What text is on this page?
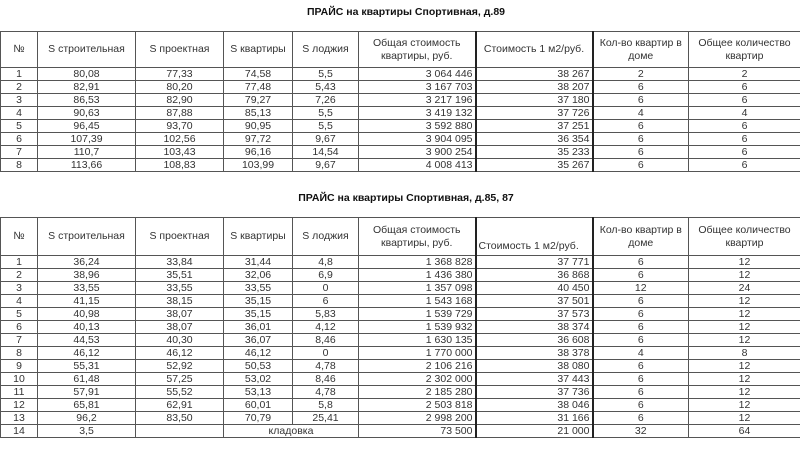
ПРАЙС на квартиры Спортивная, д.89
№	S строительная	S проектная	S квартиры	S лоджия	Общая стоимость квартиры, руб.	Стоимость 1 м2/руб.	Кол-во квартир в доме	Общее количество квартир
1	80,08	77,33	74,58	5,5	3 064 446	38 267	2	2
2	82,91	80,20	77,48	5,43	3 167 703	38 207	6	6
3	86,53	82,90	79,27	7,26	3 217 196	37 180	6	6
4	90,63	87,88	85,13	5,5	3 419 132	37 726	4	4
5	96,45	93,70	90,95	5,5	3 592 880	37 251	6	6
6	107,39	102,56	97,72	9,67	3 904 095	36 354	6	6
7	110,7	103,43	96,16	14,54	3 900 254	35 233	6	6
8	113,66	108,83	103,99	9,67	4 008 413	35 267	6	6
ПРАЙС на квартиры Спортивная, д.85, 87
№	S строительная	S проектная	S квартиры	S лоджия	Общая стоимость квартиры, руб.	Стоимость 1 м2/руб.	Кол-во квартир в доме	Общее количество квартир
1	36,24	33,84	31,44	4,8	1 368 828	37 771	6	12
2	38,96	35,51	32,06	6,9	1 436 380	36 868	6	12
3	33,55	33,55	33,55	0	1 357 098	40 450	12	24
4	41,15	38,15	35,15	6	1 543 168	37 501	6	12
5	40,98	38,07	35,15	5,83	1 539 729	37 573	6	12
6	40,13	38,07	36,01	4,12	1 539 932	38 374	6	12
7	44,53	40,30	36,07	8,46	1 630 135	36 608	6	12
8	46,12	46,12	46,12	0	1 770 000	38 378	4	8
9	55,31	52,92	50,53	4,78	2 106 216	38 080	6	12
10	61,48	57,25	53,02	8,46	2 302 000	37 443	6	12
11	57,91	55,52	53,13	4,78	2 185 280	37 736	6	12
12	65,81	62,91	60,01	5,8	2 503 818	38 046	6	12
13	96,2	83,50	70,79	25,41	2 998 200	31 166	6	12
14	3,5		кладовка		73 500	21 000	32	64
